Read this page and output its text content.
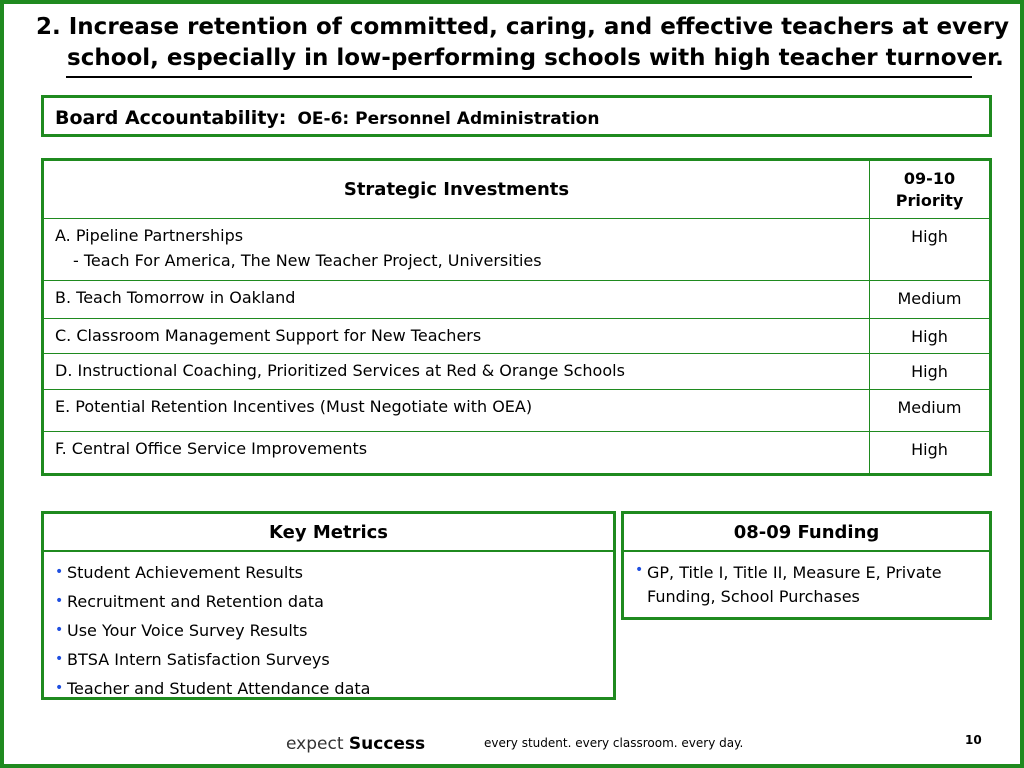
2. Increase retention of committed, caring, and effective teachers at every
school, especially in low-performing schools with high teacher turnover.
Board Accountability: OE-6: Personnel Administration
Strategic Investments	09-10
Priority

A. Pipeline Partnerships
- Teach For America, The New Teacher Project, Universities	High

B. Teach Tomorrow in Oakland	Medium

C. Classroom Management Support for New Teachers	High

D. Instructional Coaching, Prioritized Services at Red & Orange Schools	High

E. Potential Retention Incentives (Must Negotiate with OEA)	Medium

F. Central Office Service Improvements	High
Key Metrics
• Student Achievement Results
• Recruitment and Retention data
• Use Your Voice Survey Results
• BTSA Intern Satisfaction Surveys
• Teacher and Student Attendance data
08-09 Funding
• GP, Title I, Title II, Measure E, Private Funding, School Purchases
expect Success	every student. every classroom. every day.	10
